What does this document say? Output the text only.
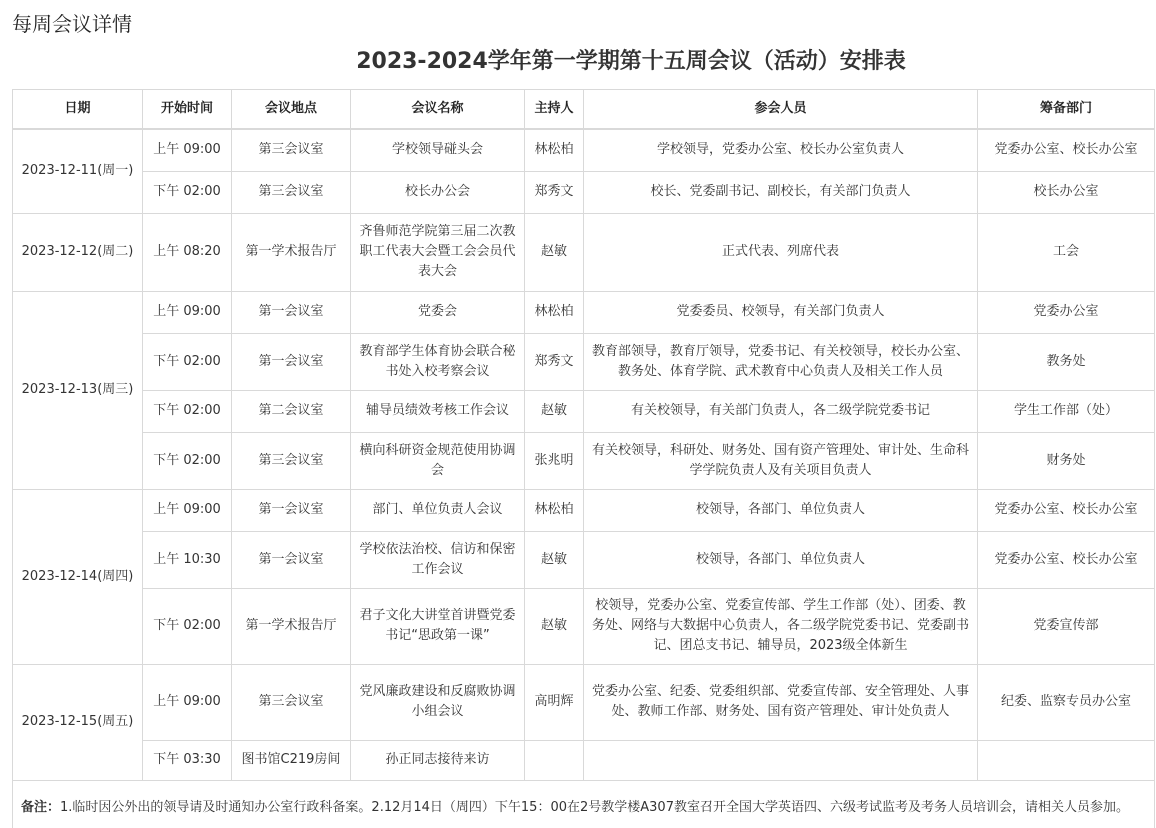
每周会议详情
2023-2024学年第一学期第十五周会议（活动）安排表
日期	开始时间	会议地点	会议名称	主持人	参会人员	筹备部门
2023-12-11(周一)	上午 09:00	第三会议室	学校领导碰头会	林松柏	学校领导，党委办公室、校长办公室负责人	党委办公室、校长办公室
	下午 02:00	第三会议室	校长办公会	郑秀文	校长、党委副书记、副校长，有关部门负责人	校长办公室
2023-12-12(周二)	上午 08:20	第一学术报告厅	齐鲁师范学院第三届二次教职工代表大会暨工会会员代表大会	赵敏	正式代表、列席代表	工会
2023-12-13(周三)	上午 09:00	第一会议室	党委会	林松柏	党委委员、校领导，有关部门负责人	党委办公室
	下午 02:00	第一会议室	教育部学生体育协会联合秘书处入校考察会议	郑秀文	教育部领导，教育厅领导，党委书记、有关校领导，校长办公室、教务处、体育学院、武术教育中心负责人及相关工作人员	教务处
	下午 02:00	第二会议室	辅导员绩效考核工作会议	赵敏	有关校领导，有关部门负责人，各二级学院党委书记	学生工作部（处）
	下午 02:00	第三会议室	横向科研资金规范使用协调会	张兆明	有关校领导，科研处、财务处、国有资产管理处、审计处、生命科学学院负责人及有关项目负责人	财务处
2023-12-14(周四)	上午 09:00	第一会议室	部门、单位负责人会议	林松柏	校领导，各部门、单位负责人	党委办公室、校长办公室
	上午 10:30	第一会议室	学校依法治校、信访和保密工作会议	赵敏	校领导，各部门、单位负责人	党委办公室、校长办公室
	下午 02:00	第一学术报告厅	君子文化大讲堂首讲暨党委书记“思政第一课”	赵敏	校领导，党委办公室、党委宣传部、学生工作部（处）、团委、教务处、网络与大数据中心负责人，各二级学院党委书记、党委副书记、团总支书记、辅导员，2023级全体新生	党委宣传部
2023-12-15(周五)	上午 09:00	第三会议室	党风廉政建设和反腐败协调小组会议	高明辉	党委办公室、纪委、党委组织部、党委宣传部、安全管理处、人事处、教师工作部、财务处、国有资产管理处、审计处负责人	纪委、监察专员办公室
	下午 03:30	图书馆C219房间	孙正同志接待来访			
备注：1.临时因公外出的领导请及时通知办公室行政科备案。2.12月14日（周四）下午15：00在2号教学楼A307教室召开全国大学英语四、六级考试监考及考务人员培训会，请相关人员参加。						
